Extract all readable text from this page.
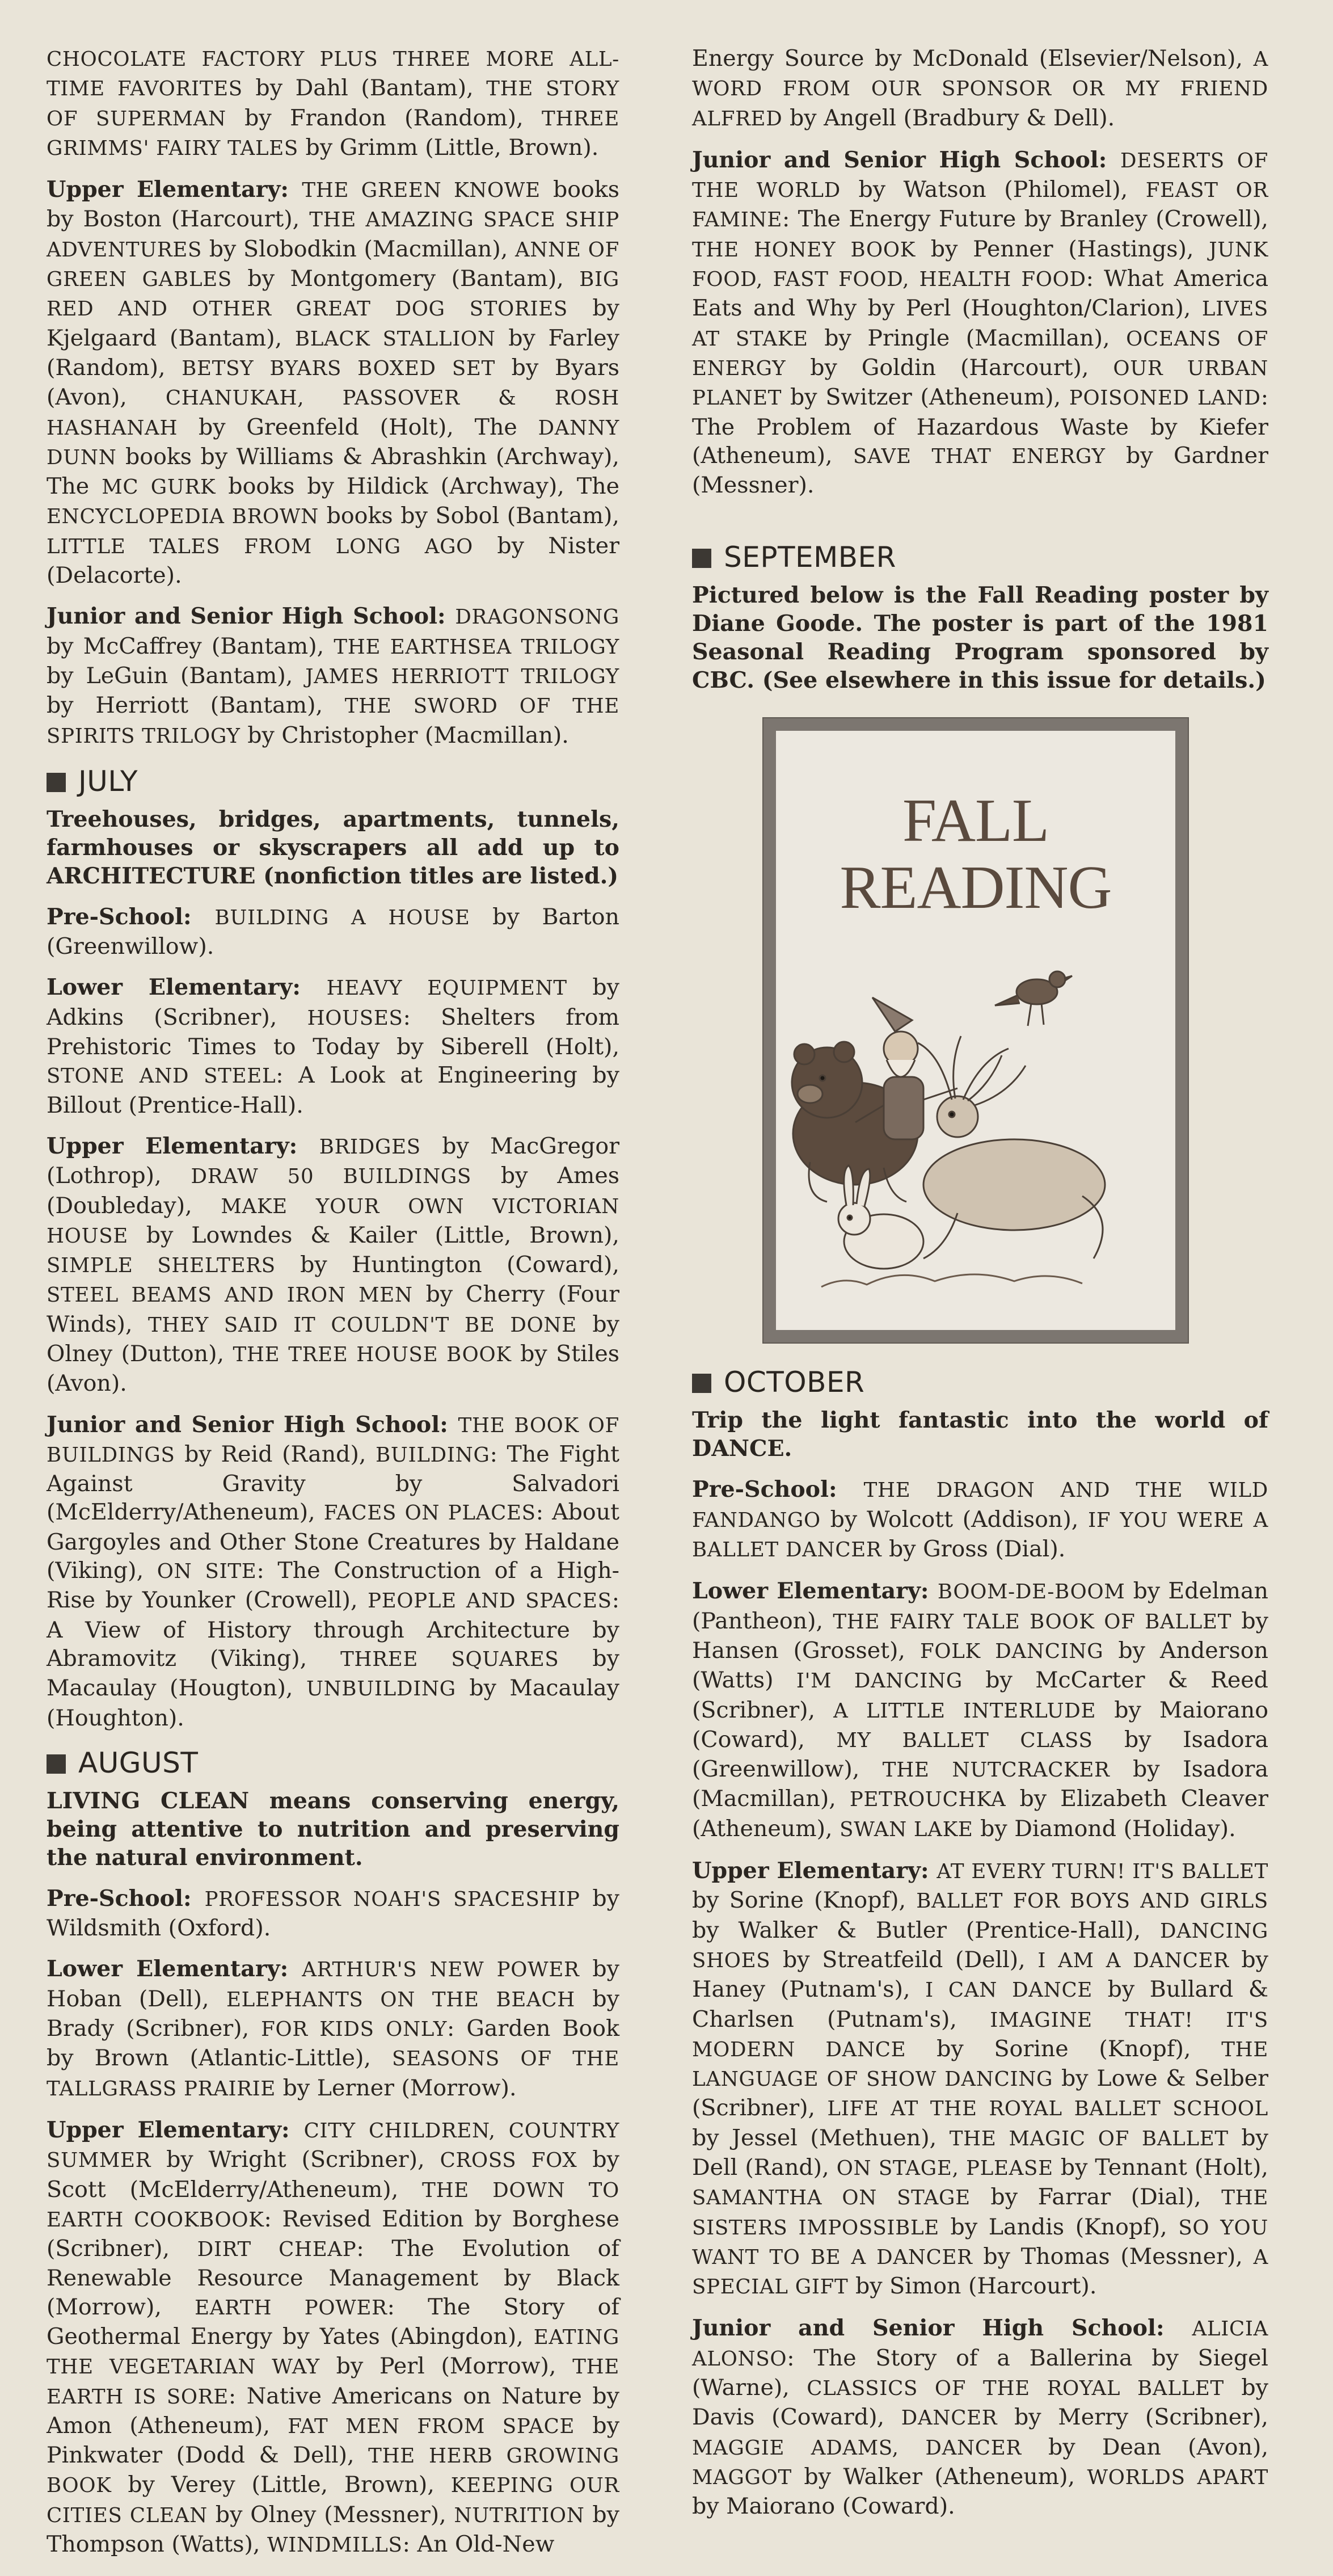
CHOCOLATE FACTORY PLUS THREE MORE ALL-TIME FAVORITES by Dahl (Bantam), THE STORY OF SUPERMAN by Frandon (Random), THREE GRIMMS' FAIRY TALES by Grimm (Little, Brown).

Upper Elementary: THE GREEN KNOWE books by Boston (Harcourt), THE AMAZING SPACE SHIP ADVENTURES by Slobodkin (Macmillan), ANNE OF GREEN GABLES by Montgomery (Bantam), BIG RED AND OTHER GREAT DOG STORIES by Kjelgaard (Bantam), BLACK STALLION by Farley (Random), BETSY BYARS BOXED SET by Byars (Avon), CHANUKAH, PASSOVER & ROSH HASHANAH by Greenfeld (Holt), The DANNY DUNN books by Williams & Abrashkin (Archway), The MC GURK books by Hildick (Archway), The ENCYCLOPEDIA BROWN books by Sobol (Bantam), LITTLE TALES FROM LONG AGO by Nister (Delacorte).

Junior and Senior High School: DRAGONSONG by McCaffrey (Bantam), THE EARTHSEA TRILOGY by LeGuin (Bantam), JAMES HERRIOTT TRILOGY by Herriott (Bantam), THE SWORD OF THE SPIRITS TRILOGY by Christopher (Macmillan).

JULY

Treehouses, bridges, apartments, tunnels, farmhouses or skyscrapers all add up to ARCHITECTURE (nonfiction titles are listed.)

Pre-School: BUILDING A HOUSE by Barton (Greenwillow).

Lower Elementary: HEAVY EQUIPMENT by Adkins (Scribner), HOUSES: Shelters from Prehistoric Times to Today by Siberell (Holt), STONE AND STEEL: A Look at Engineering by Billout (Prentice-Hall).

Upper Elementary: BRIDGES by MacGregor (Lothrop), DRAW 50 BUILDINGS by Ames (Doubleday), MAKE YOUR OWN VICTORIAN HOUSE by Lowndes & Kailer (Little, Brown), SIMPLE SHELTERS by Huntington (Coward), STEEL BEAMS AND IRON MEN by Cherry (Four Winds), THEY SAID IT COULDN'T BE DONE by Olney (Dutton), THE TREE HOUSE BOOK by Stiles (Avon).

Junior and Senior High School: THE BOOK OF BUILDINGS by Reid (Rand), BUILDING: The Fight Against Gravity by Salvadori (McElderry/Atheneum), FACES ON PLACES: About Gargoyles and Other Stone Creatures by Haldane (Viking), ON SITE: The Construction of a High-Rise by Younker (Crowell), PEOPLE AND SPACES: A View of History through Architecture by Abramovitz (Viking), THREE SQUARES by Macaulay (Hougton), UNBUILDING by Macaulay (Houghton).

AUGUST

LIVING CLEAN means conserving energy, being attentive to nutrition and preserving the natural environment.

Pre-School: PROFESSOR NOAH'S SPACESHIP by Wildsmith (Oxford).

Lower Elementary: ARTHUR'S NEW POWER by Hoban (Dell), ELEPHANTS ON THE BEACH by Brady (Scribner), FOR KIDS ONLY: Garden Book by Brown (Atlantic-Little), SEASONS OF THE TALLGRASS PRAIRIE by Lerner (Morrow).

Upper Elementary: CITY CHILDREN, COUNTRY SUMMER by Wright (Scribner), CROSS FOX by Scott (McElderry/Atheneum), THE DOWN TO EARTH COOKBOOK: Revised Edition by Borghese (Scribner), DIRT CHEAP: The Evolution of Renewable Resource Management by Black (Morrow), EARTH POWER: The Story of Geothermal Energy by Yates (Abingdon), EATING THE VEGETARIAN WAY by Perl (Morrow), THE EARTH IS SORE: Native Americans on Nature by Amon (Atheneum), FAT MEN FROM SPACE by Pinkwater (Dodd & Dell), THE HERB GROWING BOOK by Verey (Little, Brown), KEEPING OUR CITIES CLEAN by Olney (Messner), NUTRITION by Thompson (Watts), WINDMILLS: An Old-New

Energy Source by McDonald (Elsevier/Nelson), A WORD FROM OUR SPONSOR OR MY FRIEND ALFRED by Angell (Bradbury & Dell).

Junior and Senior High School: DESERTS OF THE WORLD by Watson (Philomel), FEAST OR FAMINE: The Energy Future by Branley (Crowell), THE HONEY BOOK by Penner (Hastings), JUNK FOOD, FAST FOOD, HEALTH FOOD: What America Eats and Why by Perl (Houghton/Clarion), LIVES AT STAKE by Pringle (Macmillan), OCEANS OF ENERGY by Goldin (Harcourt), OUR URBAN PLANET by Switzer (Atheneum), POISONED LAND: The Problem of Hazardous Waste by Kiefer (Atheneum), SAVE THAT ENERGY by Gardner (Messner).

SEPTEMBER

Pictured below is the Fall Reading poster by Diane Goode. The poster is part of the 1981 Seasonal Reading Program sponsored by CBC. (See elsewhere in this issue for details.)

FALL
READING
OCTOBER

Trip the light fantastic into the world of DANCE.

Pre-School: THE DRAGON AND THE WILD FANDANGO by Wolcott (Addison), IF YOU WERE A BALLET DANCER by Gross (Dial).

Lower Elementary: BOOM-DE-BOOM by Edelman (Pantheon), THE FAIRY TALE BOOK OF BALLET by Hansen (Grosset), FOLK DANCING by Anderson (Watts) I'M DANCING by McCarter & Reed (Scribner), A LITTLE INTERLUDE by Maiorano (Coward), MY BALLET CLASS by Isadora (Greenwillow), THE NUTCRACKER by Isadora (Macmillan), PETROUCHKA by Elizabeth Cleaver (Atheneum), SWAN LAKE by Diamond (Holiday).

Upper Elementary: AT EVERY TURN! IT'S BALLET by Sorine (Knopf), BALLET FOR BOYS AND GIRLS by Walker & Butler (Prentice-Hall), DANCING SHOES by Streatfeild (Dell), I AM A DANCER by Haney (Putnam's), I CAN DANCE by Bullard & Charlsen (Putnam's), IMAGINE THAT! IT'S MODERN DANCE by Sorine (Knopf), THE LANGUAGE OF SHOW DANCING by Lowe & Selber (Scribner), LIFE AT THE ROYAL BALLET SCHOOL by Jessel (Methuen), THE MAGIC OF BALLET by Dell (Rand), ON STAGE, PLEASE by Tennant (Holt), SAMANTHA ON STAGE by Farrar (Dial), THE SISTERS IMPOSSIBLE by Landis (Knopf), SO YOU WANT TO BE A DANCER by Thomas (Messner), A SPECIAL GIFT by Simon (Harcourt).

Junior and Senior High School: ALICIA ALONSO: The Story of a Ballerina by Siegel (Warne), CLASSICS OF THE ROYAL BALLET by Davis (Coward), DANCER by Merry (Scribner), MAGGIE ADAMS, DANCER by Dean (Avon), MAGGOT by Walker (Atheneum), WORLDS APART by Maiorano (Coward).
